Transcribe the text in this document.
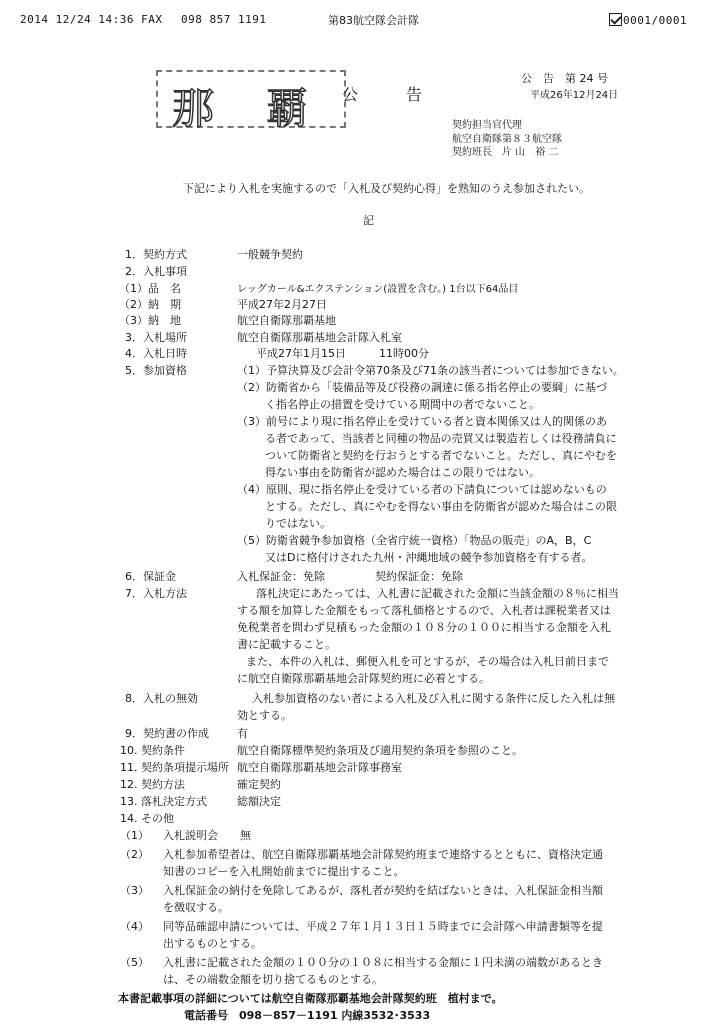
2014 12/24 14:36 FAX 098 857 1191	第83航空隊会計隊	0001/0001
那 覇 公	告
公　告　第 24 号
平成26年12月24日
契約担当官代理
航空自衛隊第８３航空隊
契約班長　片 山　裕 二
下記により入札を実施するので「入札及び契約心得」を熟知のうえ参加されたい。
記
1．契約方式	一般競争契約
2．入札事項
（1）品　名	レッグカール&エクステンション(設置を含む。) 1台以下64品目
（2）納　期	平成27年2月27日
（3）納　地	航空自衛隊那覇基地
3．入札場所	航空自衛隊那覇基地会計隊入札室
4．入札日時	平成27年1月15日　　　11時00分
5．参加資格	（1）予算決算及び会計令第70条及び71条の該当者については参加できない。
（2）防衛省から「装備品等及び役務の調達に係る指名停止の要綱」に基づ
く指名停止の措置を受けている期間中の者でないこと。
（3）前号により現に指名停止を受けている者と資本関係又は人的関係のあ
る者であって、当該者と同種の物品の売買又は製造若しくは役務請負に
ついて防衛省と契約を行おうとする者でないこと。ただし、真にやむを
得ない事由を防衛省が認めた場合はこの限りではない。
（4）原則、現に指名停止を受けている者の下請負については認めないもの
とする。ただし、真にやむを得ない事由を防衛省が認めた場合はこの限
りではない。
（5）防衛省競争参加資格（全省庁統一資格）「物品の販売」のA，B，C
又はDに格付けされた九州・沖縄地域の競争参加資格を有する者。
6．保証金	入札保証金：免除	契約保証金：免除
7．入札方法	落札決定にあたっては、入札書に記載された金額に当該金額の８％に相当
する額を加算した金額をもって落札価格とするので、入札者は課税業者又は
免税業者を問わず見積もった金額の１０８分の１００に相当する金額を入札
書に記載すること。
また、本件の入札は、郵便入札を可とするが、その場合は入札日前日まで
に航空自衛隊那覇基地会計隊契約班に必着とする。
8．入札の無効	入札参加資格のない者による入札及び入札に関する条件に反した入札は無
効とする。
9．契約書の作成	有
10. 契約条件	航空自衛隊標準契約条項及び適用契約条項を参照のこと。
11. 契約条項提示場所 航空自衛隊那覇基地会計隊事務室
12. 契約方法	確定契約
13. 落札決定方式	総額決定
14. その他
（1） 入札説明会　　無
（2） 入札参加希望者は、航空自衛隊那覇基地会計隊契約班まで連絡するとともに、資格決定通
知書のコピーを入札開始前までに提出すること。
（3） 入札保証金の納付を免除してあるが、落札者が契約を結ばないときは、入札保証金相当額
を徴収する。
（4） 同等品確認申請については、平成２７年１月１３日１５時までに会計隊へ申請書類等を提
出するものとする。
（5） 入札書に記載された金額の１００分の１０８に相当する金額に１円未満の端数があるとき
は、その端数金額を切り捨てるものとする。
本書記載事項の詳細については航空自衛隊那覇基地会計隊契約班　植村まで。
電話番号　098－857－1191 内線3532･3533
